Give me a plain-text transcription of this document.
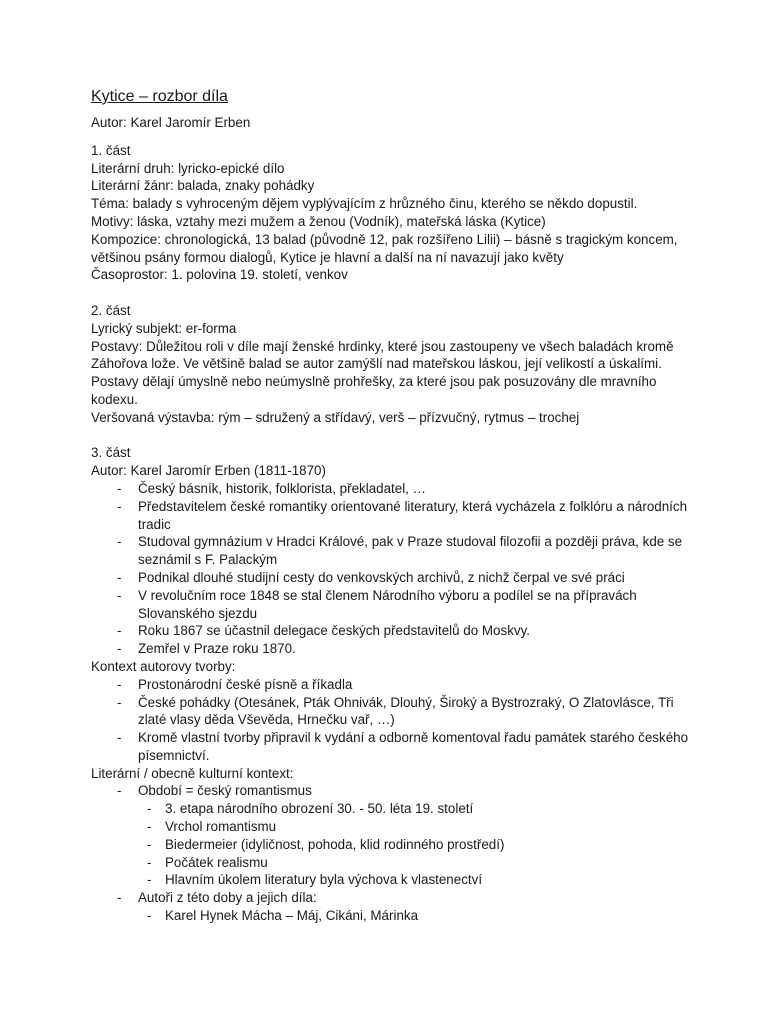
Kytice – rozbor díla
Autor: Karel Jaromír Erben
1. část
Literární druh: lyricko-epické dílo
Literární žánr: balada, znaky pohádky
Téma: balady s vyhroceným dějem vyplývajícím z hrůzného činu, kterého se někdo dopustil.
Motivy: láska, vztahy mezi mužem a ženou (Vodník), mateřská láska (Kytice)
Kompozice: chronologická, 13 balad (původně 12, pak rozšířeno Lilii) – básně s tragickým koncem, většinou psány formou dialogů, Kytice je hlavní a další na ní navazují jako květy
Časoprostor: 1. polovina 19. století, venkov
2. část
Lyrický subjekt: er-forma
Postavy: Důležitou roli v díle mají ženské hrdinky, které jsou zastoupeny ve všech baladách kromě Záhořova lože. Ve většině balad se autor zamýšlí nad mateřskou láskou, její velikostí a úskalími. Postavy dělají úmyslně nebo neúmyslně prohřešky, za které jsou pak posuzovány dle mravního kodexu.
Veršovaná výstavba: rým – sdružený a střídavý, verš – přízvučný, rytmus – trochej
3. část
Autor: Karel Jaromír Erben (1811-1870)
- Český básník, historik, folklorista, překladatel, …
- Představitelem české romantiky orientované literatury, která vycházela z folklóru a národních tradic
- Studoval gymnázium v Hradci Králové, pak v Praze studoval filozofii a později práva, kde se seznámil s F. Palackým
- Podnikal dlouhé studijní cesty do venkovských archivů, z nichž čerpal ve své práci
- V revolučním roce 1848 se stal členem Národního výboru a podílel se na přípravách Slovanského sjezdu
- Roku 1867 se účastnil delegace českých představitelů do Moskvy.
- Zemřel v Praze roku 1870.
Kontext autorovy tvorby:
- Prostonárodní české písně a říkadla
- České pohádky (Otesánek, Pták Ohnivák, Dlouhý, Široký a Bystrozraký, O Zlatovlásce, Tři zlaté vlasy děda Vševěda, Hrnečku vař, …)
- Kromě vlastní tvorby připravil k vydání a odborně komentoval řadu památek starého českého písemnictví.
Literární / obecně kulturní kontext:
- Období = český romantismus
- 3. etapa národního obrození 30. - 50. léta 19. století
- Vrchol romantismu
- Biedermeier (idyličnost, pohoda, klid rodinného prostředí)
- Počátek realismu
- Hlavním úkolem literatury byla výchova k vlastenectví
- Autoři z této doby a jejich díla:
- Karel Hynek Mácha – Máj, Cikáni, Márinka
